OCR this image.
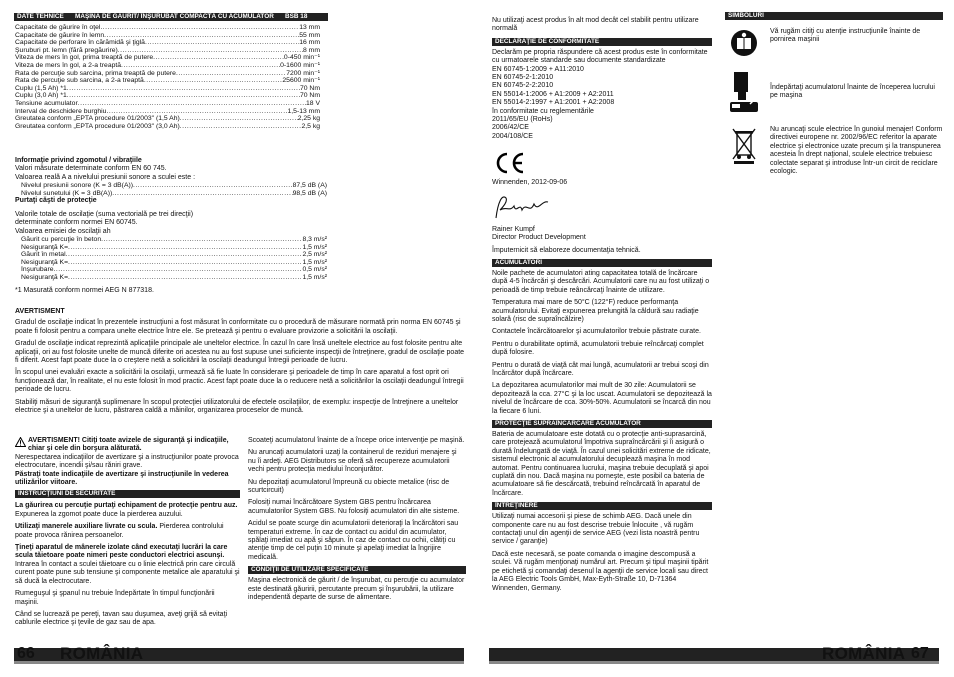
DATE TEHNICE	MAŞINĂ DE GĂURIT/ ÎNŞURUBAT COMPACTĂ CU ACUMULATOR	BSB 18
Capacitate de găurire în oţel .....	13 mm
Capacitate de găurire în lemn .....	55 mm
Capacitate de perforare în cărămidă şi ţiglă .....	16 mm
Şuruburi pt. lemn (fără pregăurire) .....	8 mm
Viteza de mers în gol, prima treaptă de putere .....	0-450 min⁻¹
Viteza de mers în gol, a 2-a treaptă .....	0-1600 min⁻¹
Rata de percuţie sub sarcina, prima treaptă de putere .....	7200 min⁻¹
Rata de percuţie sub sarcina, a 2-a treaptă .....	25600 min⁻¹
Cuplu (1,5 Ah) *1 .....	70 Nm
Cuplu (3,0 Ah) *1 .....	70 Nm
Tensiune acumulator .....	18 V
Interval de deschidere burghiu .....	1,5-13 mm
Greutatea conform „EPTA procedure 01/2003" (1,5 Ah) .....	2,25 kg
Greutatea conform „EPTA procedure 01/2003" (3,0 Ah) .....	2,5 kg
Informaţie privind zgomotul / vibraţiile
Valori măsurate determinate conform EN 60 745.
Valoarea reală A a nivelului presiunii sonore a sculei este :
Nivelul presiunii sonore (K = 3 dB(A)) .....	87,5 dB (A)
Nivelul sunetului (K = 3 dB(A)) .....	98,5 dB (A)
Purtaţi căşti de protecţie
Valorile totale de oscilaţie (suma vectorială pe trei direcţii)
determinate conform normei EN 60745.
Valoarea emisiei de oscilaţii ah
Găurit cu percuţie în beton .....	8,3 m/s²
Nesiguranţă K= .....	1,5 m/s²
Găurit în metal .....	2,5 m/s²
Nesiguranţă K= .....	1,5 m/s²
Înşurubare .....	0,5 m/s²
Nesiguranţă K= .....	1,5 m/s²
*1 Masurată conform normei AEG N 877318.
AVERTISMENT

Gradul de oscilaţie indicat în prezentele instrucţiuni a fost măsurat în conformitate cu o procedură de măsurare normată prin norma EN 60745 şi poate fi folosit pentru a compara unelte electrice între ele. Se pretează şi pentru o evaluare provizorie a solicitării la oscilaţii.

Gradul de oscilaţie indicat reprezintă aplicaţiile principale ale uneltelor electrice. În cazul în care însă uneltele electrice au fost folosite pentru alte aplicaţii, ori au fost folosite unelte de muncă diferite ori acestea nu au fost supuse unei suficiente inspecţii de întreţinere, gradul de oscilaţie poate fi diferit. Acest fapt poate duce la o creştere netă a solicitării la oscilaţii deadungul întregii perioade de lucru.

În scopul unei evaluări exacte a solicitării la oscilaţii, urmează să fie luate în considerare şi perioadele de timp în care aparatul a fost oprit ori funcţionează dar, în realitate, el nu este folosit în mod practic. Acest fapt poate duce la o reducere netă a solicitărilor la oscilaţii deadungul întregii perioade de lucru.

Stabiliţi măsuri de siguranţă suplimenare în scopul protecţiei utilizatorului de efectele oscilaţiilor, de exemplu: inspecţie de întreţinere a uneltelor electrice şi a uneltelor de lucru, păstrarea caldă a mâinilor, organizarea proceselor de muncă.

AVERTISMENT! Citiţi toate avizele de siguranţă şi indicaţiile, chiar şi cele din borşura alăturată.
Nerespectarea indicaţiilor de avertizare şi a instrucţiunilor poate provoca electrocutare, incendii şi/sau răniri grave.
Păstraţi toate indicaţiile de avertizare şi instrucţiunile în vederea utilizărilor viitoare.
INSTRUCŢIUNI DE SECURITATE

La găurirea cu percuţie purtaţi echipament de protecţie pentru auz. Expunerea la zgomot poate duce la pierderea auzului.

Utilizaţi manerele auxiliare livrate cu scula. Pierderea controlului poate provoca rănirea persoanelor.

Ţineţi aparatul de mânerele izolate când executaţi lucrări la care scula tăietoare poate nimeri peste conductori electrici ascunşi. Intrarea în contact a sculei tăietoare cu o linie electrică prin care circulă curent poate pune sub tensiune şi componente metalice ale aparatului şi să ducă la electrocutare.

Rumeguşul şi şpanul nu trebuie îndepărtate în timpul funcţionării maşinii.

Când se lucrează pe pereţi, tavan sau duşumea, aveţi grijă să evitaţi cablurile electrice şi ţevile de gaz sau de apa.

Scoateţi acumulatorul înainte de a începe orice intervenţie pe maşină.

Nu aruncaţi acumulatorii uzaţi la containerul de reziduri menajere şi nu îi ardeţi. AEG Distributors se oferă să recupereze acumulatorii vechi pentru protecţia mediului înconjurător.

Nu depozitaţi acumulatorul împreună cu obiecte metalice (risc de scurtcircuit)

Folosiţi numai încărcătoare System GBS pentru încărcarea acumulatorilor System GBS. Nu folosiţi acumulatori din alte sisteme.

Acidul se poate scurge din acumulatorii deterioraţi la încărcători sau temperaturi extreme. În caz de contact cu acidul din acumulator, spălaţi imediat cu apă şi săpun. În caz de contact cu ochii, clătiţi cu atenţie timp de cel puţin 10 minute şi apelaţi imediat la îngrijire medicală.

CONDIŢII DE UTILIZARE SPECIFICATE

Maşina electronică de găurit / de înşurubat, cu percuţie cu acumulator este destinată găuririi, percutante precum şi înşurubării, la utilizare independentă departe de surse de alimentare.

66 ROMÂNIA

Nu utilizaţi acest produs în alt mod decât cel stabilit pentru utilizare normală

DECLARAŢIE DE CONFORMITATE
Declarăm pe propria răspundere că acest produs este în conformitate cu urmatoarele standarde sau documente standardizate
EN 60745-1:2009 + A11:2010
EN 60745-2-1:2010
EN 60745-2-2:2010
EN 55014-1:2006 + A1:2009 + A2:2011
EN 55014-2:1997 + A1:2001 + A2:2008
în conformitate cu reglementările
2011/65/EU (RoHs)
2006/42/CE
2004/108/CE
Winnenden, 2012-09-06
Rainer Kumpf
Director Product Development

Împuternicit să elaboreze documentaţia tehnică.

ACUMULATORI

Noile pachete de acumulatori ating capacitatea totală de încărcare după 4-5 încărcări şi descărcări. Acumulatorii care nu au fost utilizaţi o perioadă de timp trebuie reâncărcaţi înainte de utilizare.

Temperatura mai mare de 50°C (122°F) reduce performanţa acumulatorului. Evitaţi expunerea prelungită la căldură sau radiaţie solară (risc de supraîncălzire)

Contactele încărcătoarelor şi acumulatorilor trebuie păstrate curate.

Pentru o durabilitate optimă, acumulatorii trebuie reîncărcaţi complet după folosire.

Pentru o durată de viaţă cât mai lungă, acumulatorii ar trebui scoşi din încărcător după încărcare.

La depozitarea acumulatorilor mai mult de 30 zile: Acumulatorii se depozitează la cca. 27°C şi la loc uscat. Acumulatorii se depozitează la nivelul de încărcare de cca. 30%-50%. Acumulatorii se încarcă din nou la fiecare 6 luni.

PROTECŢIE SUPRAÎNCĂRCARE ACUMULATOR

Bateria de acumulatoare este dotată cu o protecţie anti-suprasarcină, care protejează acumulatorul împotriva supraîncărcării şi îi asigură o durată îndelungată de viaţă. În cazul unei solicitări extreme de ridicate, sistemul electronic al acumulatorului decuplează maşina în mod automat. Pentru continuarea lucrului, maşina trebuie decuplată şi apoi cuplată din nou. Dacă maşina nu porneşte, este posibil ca bateria de acumulatoare să fie descărcată, trebuind reîncărcată în aparatul de încărcare.

ÎNTREŢINERE

Utilizaţi numai accesorii şi piese de schimb AEG. Dacă unele din componente care nu au fost descrise trebuie înlocuite , vă rugăm contactaţi unul din agenţii de service AEG (vezi lista noastră pentru service / garanţie)

Dacă este necesară, se poate comanda o imagine descompusă a sculei. Vă rugăm menţionaţi numărul art. Precum şi tipul maşinii tipărit pe etichetă şi comandaţi desenul la agenţii de service locali sau direct la AEG Electric Tools GmbH, Max-Eyth-Straße 10, D-71364 Winnenden, Germany.

SIMBOLURI
Vă rugăm citiţi cu atenţie instrucţiunile înainte de pornirea maşinii
Îndepărtaţi acumulatorul înainte de începerea lucrului pe maşina
Nu aruncaţi scule electrice în gunoiul menajer! Conform directivei europene nr. 2002/96/EC referitor la aparate electrice şi electronice uzate precum şi la transpunerea acesteia în drept naţional, sculele electrice trebuiesc colectate separat şi introduse într-un circit de reciclare ecologic.
ROMÂNIA 67
